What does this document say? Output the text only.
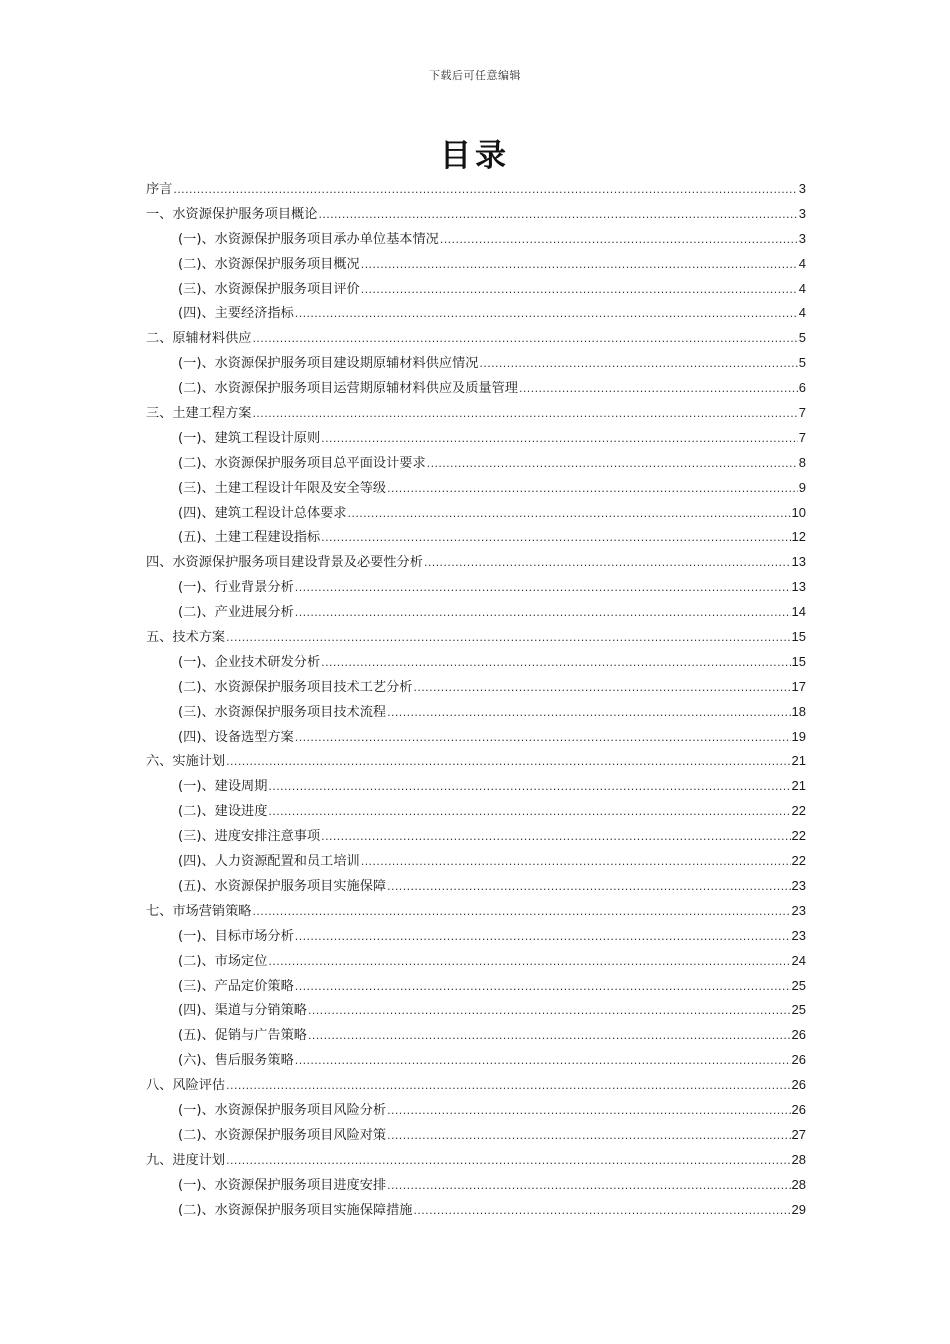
下载后可任意编辑
目录
序言 .....	3
一、水资源保护服务项目概论 .....	3
(一)、水资源保护服务项目承办单位基本情况 .....	3
(二)、水资源保护服务项目概况 .....	4
(三)、水资源保护服务项目评价 .....	4
(四)、主要经济指标 .....	4
二、原辅材料供应 .....	5
(一)、水资源保护服务项目建设期原辅材料供应情况 .....	5
(二)、水资源保护服务项目运营期原辅材料供应及质量管理 .....	6
三、土建工程方案 .....	7
(一)、建筑工程设计原则 .....	7
(二)、水资源保护服务项目总平面设计要求 .....	8
(三)、土建工程设计年限及安全等级 .....	9
(四)、建筑工程设计总体要求 .....	10
(五)、土建工程建设指标 .....	12
四、水资源保护服务项目建设背景及必要性分析 .....	13
(一)、行业背景分析 .....	13
(二)、产业进展分析 .....	14
五、技术方案 .....	15
(一)、企业技术研发分析 .....	15
(二)、水资源保护服务项目技术工艺分析 .....	17
(三)、水资源保护服务项目技术流程 .....	18
(四)、设备选型方案 .....	19
六、实施计划 .....	21
(一)、建设周期 .....	21
(二)、建设进度 .....	22
(三)、进度安排注意事项 .....	22
(四)、人力资源配置和员工培训 .....	22
(五)、水资源保护服务项目实施保障 .....	23
七、市场营销策略 .....	23
(一)、目标市场分析 .....	23
(二)、市场定位 .....	24
(三)、产品定价策略 .....	25
(四)、渠道与分销策略 .....	25
(五)、促销与广告策略 .....	26
(六)、售后服务策略 .....	26
八、风险评估 .....	26
(一)、水资源保护服务项目风险分析 .....	26
(二)、水资源保护服务项目风险对策 .....	27
九、进度计划 .....	28
(一)、水资源保护服务项目进度安排 .....	28
(二)、水资源保护服务项目实施保障措施 .....	29
